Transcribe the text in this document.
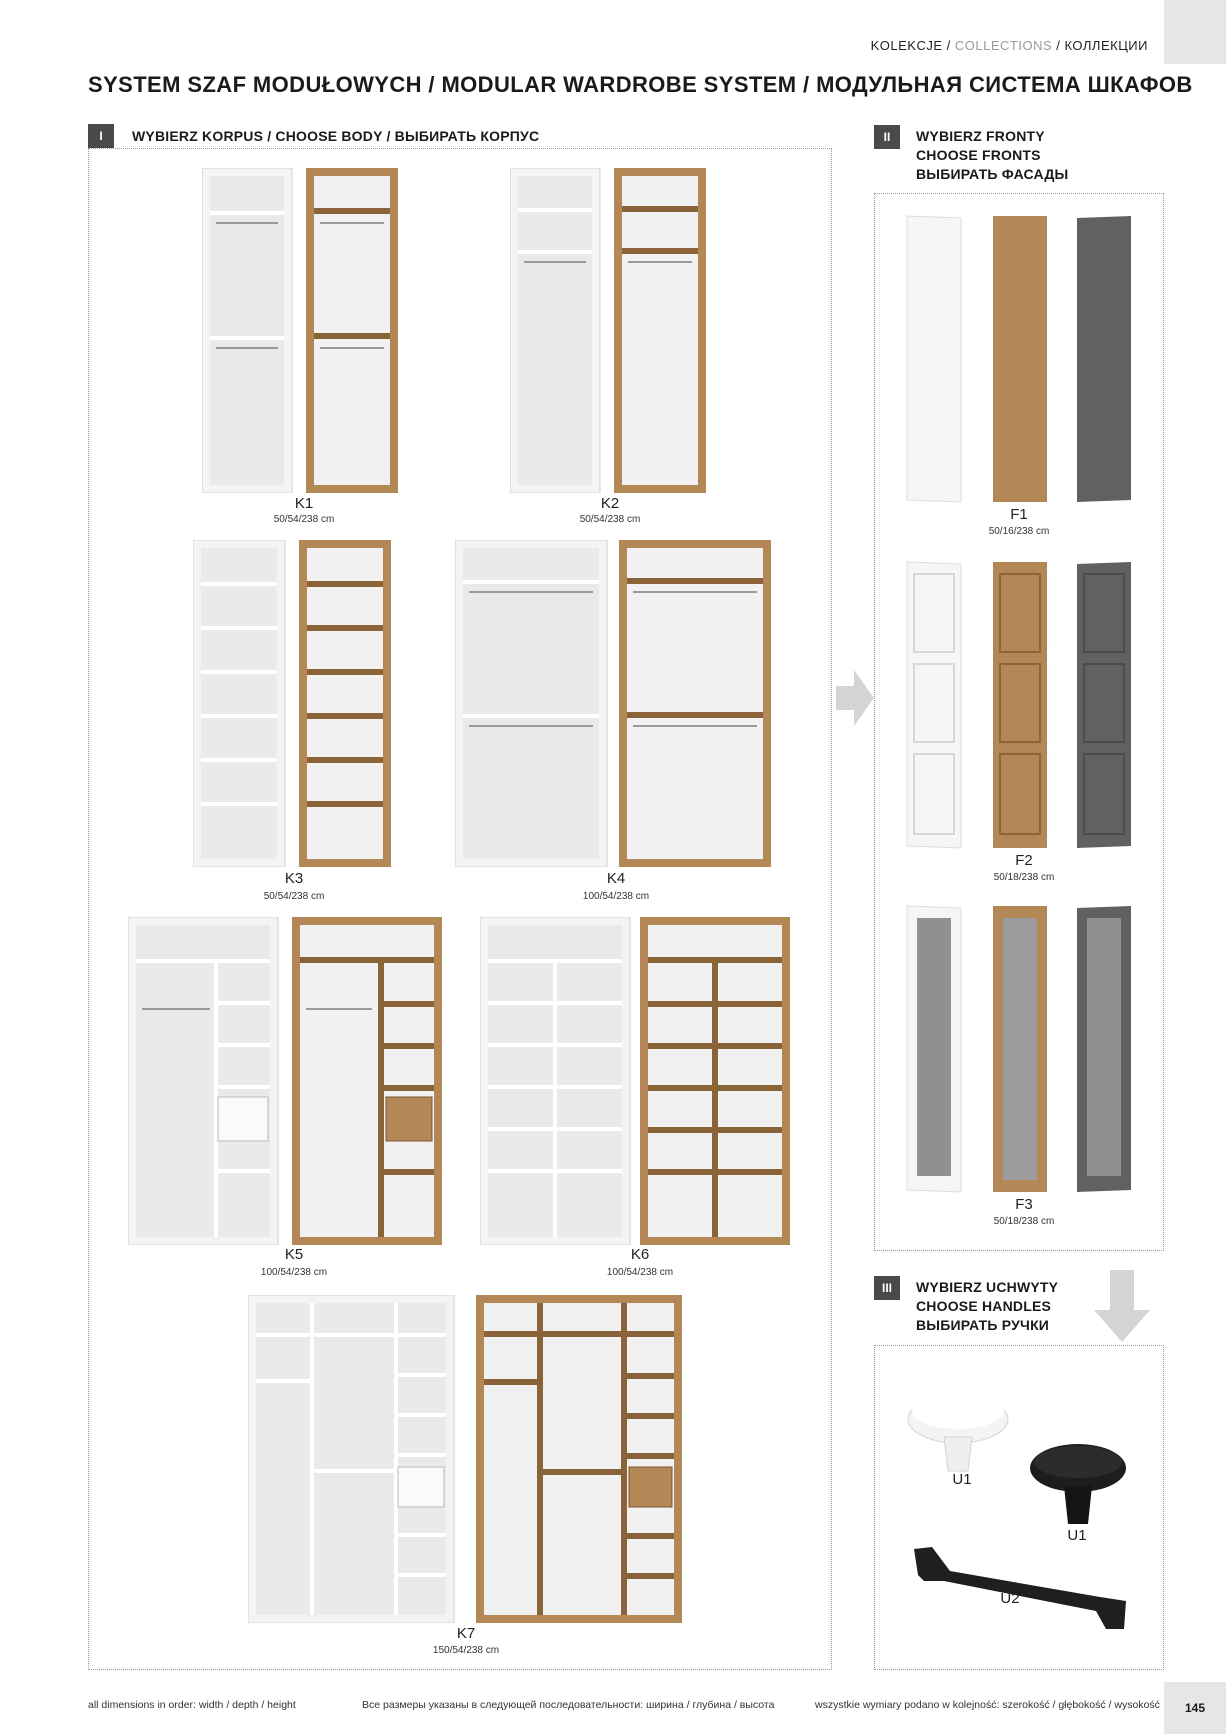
KOLEKCJE / COLLECTIONS / КОЛЛЕКЦИИ
SYSTEM SZAF MODUŁOWYCH / MODULAR WARDROBE SYSTEM / МОДУЛЬНАЯ СИСТЕМА ШКАФОВ
I	WYBIERZ KORPUS / CHOOSE BODY / ВЫБИРАТЬ КОРПУС
K1
50/54/238 cm
K2
50/54/238 cm
K3
50/54/238 cm
K4
100/54/238 cm
K5
100/54/238 cm
K6
100/54/238 cm
K7
150/54/238 cm
II	WYBIERZ FRONTY
CHOOSE FRONTS
ВЫБИРАТЬ ФАСАДЫ
F1
50/16/238 cm
F2
50/18/238 cm
F3
50/18/238 cm
III	WYBIERZ UCHWYTY
CHOOSE HANDLES
ВЫБИРАТЬ РУЧКИ
U1
U1
U2
all dimensions in order: width / depth / height	Все размеры указаны в следующей последовательности: ширина / глубина / высота	wszystkie wymiary podano w kolejność: szerokość / głębokość / wysokość	145
